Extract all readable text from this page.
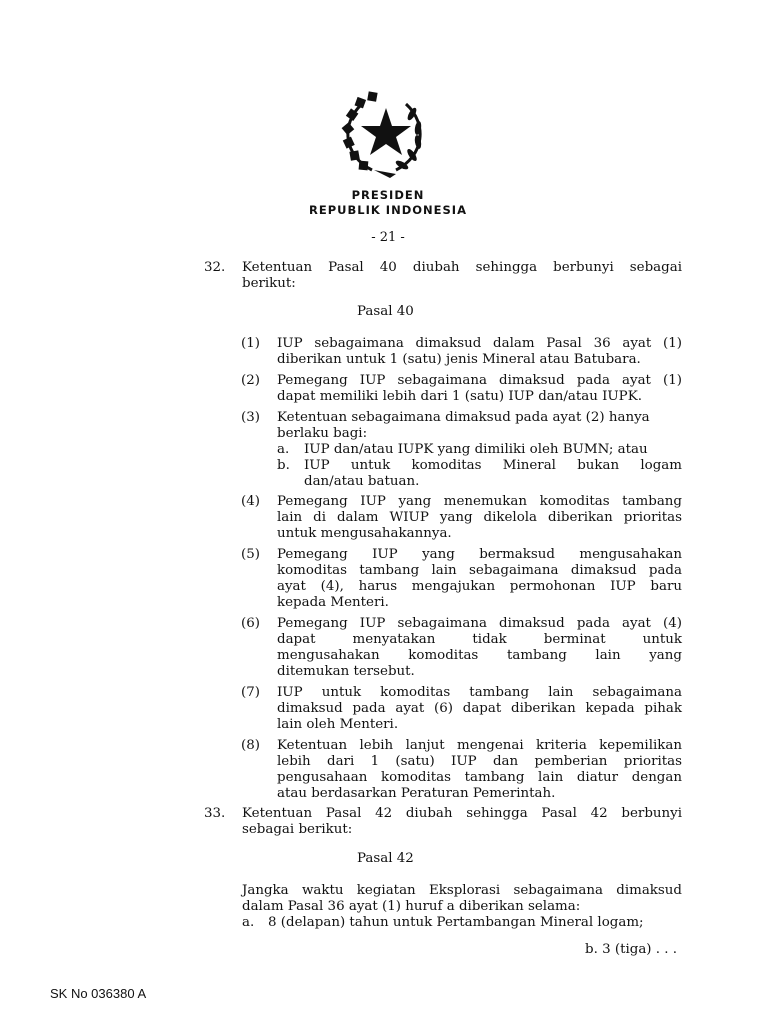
PRESIDEN
REPUBLIK INDONESIA
- 21 -
32. Ketentuan Pasal 40 diubah sehingga berbunyi sebagai
berikut:
Pasal 40
(1) IUP sebagaimana dimaksud dalam Pasal 36 ayat (1)
diberikan untuk 1 (satu) jenis Mineral atau Batubara.
(2) Pemegang IUP sebagaimana dimaksud pada ayat (1)
dapat memiliki lebih dari 1 (satu) IUP dan/atau IUPK.
(3) Ketentuan sebagaimana dimaksud pada ayat (2) hanya
berlaku bagi:
a. IUP dan/atau IUPK yang dimiliki oleh BUMN; atau
b. IUP untuk komoditas Mineral bukan logam
dan/atau batuan.
(4) Pemegang IUP yang menemukan komoditas tambang
lain di dalam WIUP yang dikelola diberikan prioritas
untuk mengusahakannya.
(5) Pemegang IUP yang bermaksud mengusahakan
komoditas tambang lain sebagaimana dimaksud pada
ayat (4), harus mengajukan permohonan IUP baru
kepada Menteri.
(6) Pemegang IUP sebagaimana dimaksud pada ayat (4)
dapat menyatakan tidak berminat untuk
mengusahakan komoditas tambang lain yang
ditemukan tersebut.
(7) IUP untuk komoditas tambang lain sebagaimana
dimaksud pada ayat (6) dapat diberikan kepada pihak
lain oleh Menteri.
(8) Ketentuan lebih lanjut mengenai kriteria kepemilikan
lebih dari 1 (satu) IUP dan pemberian prioritas
pengusahaan komoditas tambang lain diatur dengan
atau berdasarkan Peraturan Pemerintah.
33. Ketentuan Pasal 42 diubah sehingga Pasal 42 berbunyi
sebagai berikut:
Pasal 42
Jangka waktu kegiatan Eksplorasi sebagaimana dimaksud
dalam Pasal 36 ayat (1) huruf a diberikan selama:
a. 8 (delapan) tahun untuk Pertambangan Mineral logam;
b. 3 (tiga) . . .
SK No 036380 A
